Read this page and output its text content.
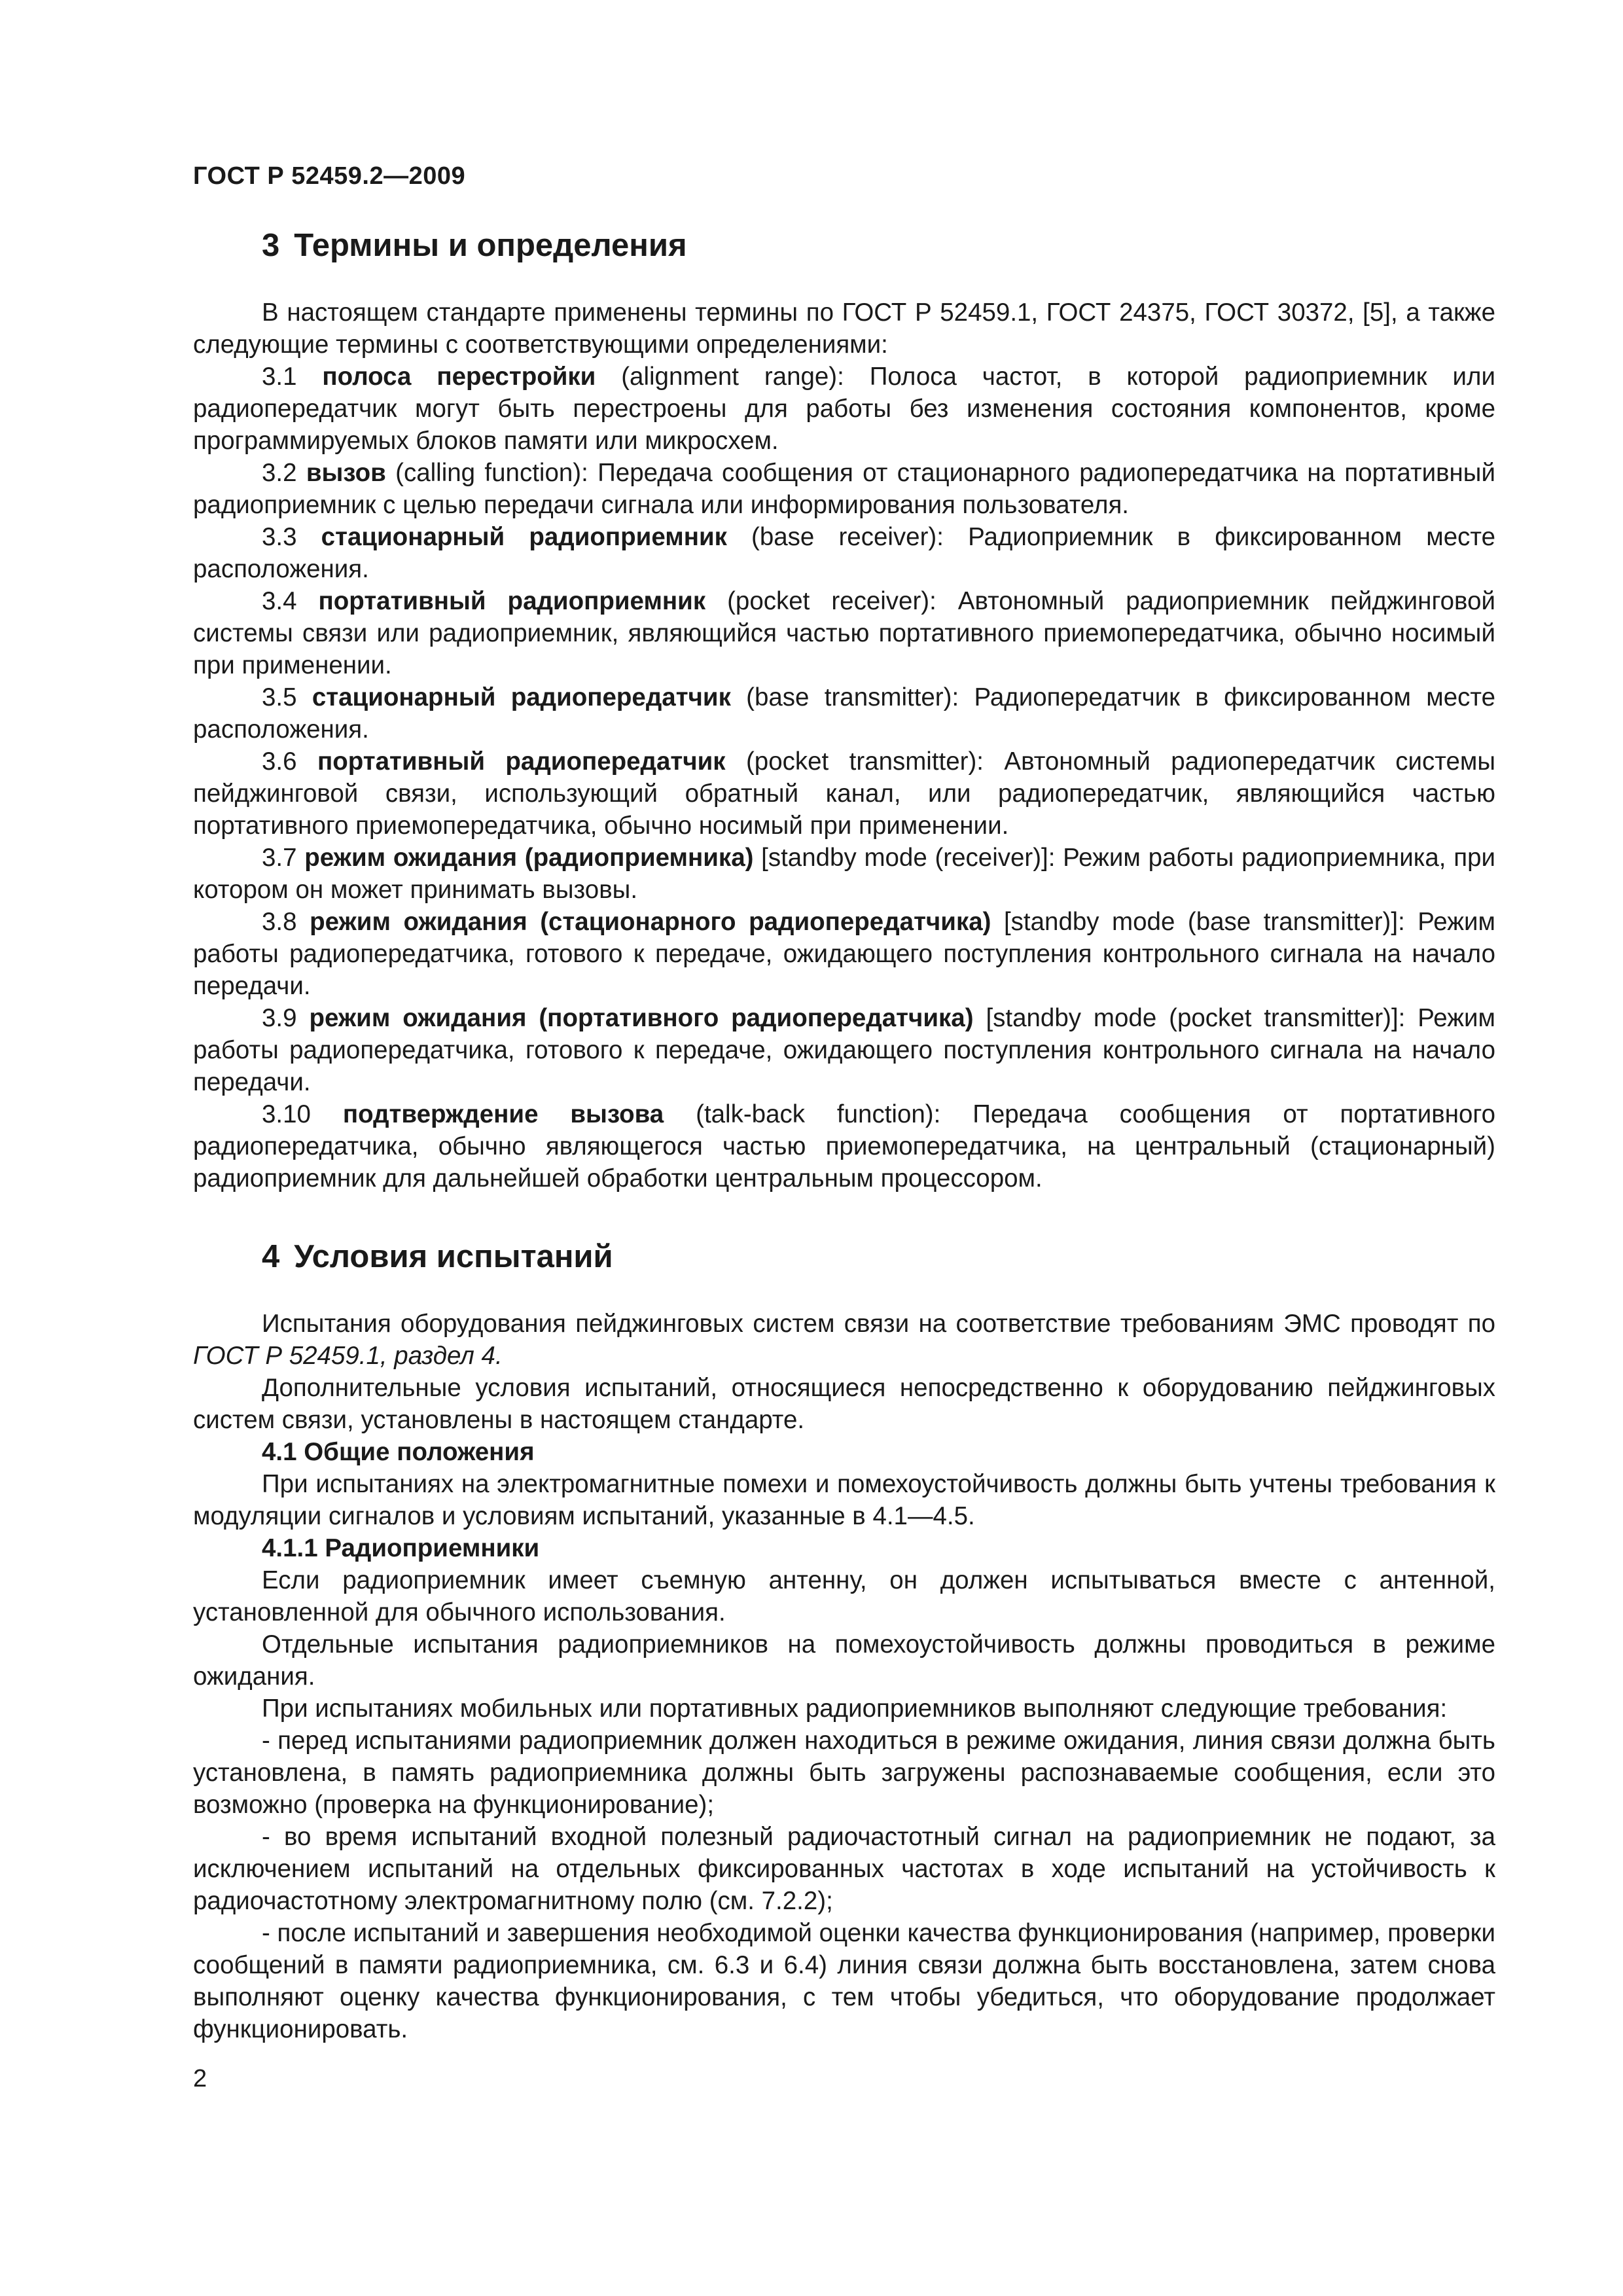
ГОСТ Р 52459.2—2009
3 Термины и определения

В настоящем стандарте применены термины по ГОСТ Р 52459.1, ГОСТ 24375, ГОСТ 30372, [5], а также следующие термины с соответствующими определениями:

3.1 полоса перестройки (alignment range): Полоса частот, в которой радиоприемник или радиопередатчик могут быть перестроены для работы без изменения состояния компонентов, кроме программируемых блоков памяти или микросхем.

3.2 вызов (calling function): Передача сообщения от стационарного радиопередатчика на портативный радиоприемник с целью передачи сигнала или информирования пользователя.

3.3 стационарный радиоприемник (base receiver): Радиоприемник в фиксированном месте расположения.

3.4 портативный радиоприемник (pocket receiver): Автономный радиоприемник пейджинговой системы связи или радиоприемник, являющийся частью портативного приемопередатчика, обычно носимый при применении.

3.5 стационарный радиопередатчик (base transmitter): Радиопередатчик в фиксированном месте расположения.

3.6 портативный радиопередатчик (pocket transmitter): Автономный радиопередатчик системы пейджинговой связи, использующий обратный канал, или радиопередатчик, являющийся частью портативного приемопередатчика, обычно носимый при применении.

3.7 режим ожидания (радиоприемника) [standby mode (receiver)]: Режим работы радиоприемника, при котором он может принимать вызовы.

3.8 режим ожидания (стационарного радиопередатчика) [standby mode (base transmitter)]: Режим работы радиопередатчика, готового к передаче, ожидающего поступления контрольного сигнала на начало передачи.

3.9 режим ожидания (портативного радиопередатчика) [standby mode (pocket transmitter)]: Режим работы радиопередатчика, готового к передаче, ожидающего поступления контрольного сигнала на начало передачи.

3.10 подтверждение вызова (talk-back function): Передача сообщения от портативного радиопередатчика, обычно являющегося частью приемопередатчика, на центральный (стационарный) радиоприемник для дальнейшей обработки центральным процессором.

4 Условия испытаний

Испытания оборудования пейджинговых систем связи на соответствие требованиям ЭМС проводят по ГОСТ Р 52459.1, раздел 4.

Дополнительные условия испытаний, относящиеся непосредственно к оборудованию пейджинговых систем связи, установлены в настоящем стандарте.

4.1 Общие положения

При испытаниях на электромагнитные помехи и помехоустойчивость должны быть учтены требования к модуляции сигналов и условиям испытаний, указанные в 4.1—4.5.

4.1.1 Радиоприемники

Если радиоприемник имеет съемную антенну, он должен испытываться вместе с антенной, установленной для обычного использования.

Отдельные испытания радиоприемников на помехоустойчивость должны проводиться в режиме ожидания.

При испытаниях мобильных или портативных радиоприемников выполняют следующие требования:

- перед испытаниями радиоприемник должен находиться в режиме ожидания, линия связи должна быть установлена, в память радиоприемника должны быть загружены распознаваемые сообщения, если это возможно (проверка на функционирование);

- во время испытаний входной полезный радиочастотный сигнал на радиоприемник не подают, за исключением испытаний на отдельных фиксированных частотах в ходе испытаний на устойчивость к радиочастотному электромагнитному полю (см. 7.2.2);

- после испытаний и завершения необходимой оценки качества функционирования (например, проверки сообщений в памяти радиоприемника, см. 6.3 и 6.4) линия связи должна быть восстановлена, затем снова выполняют оценку качества функционирования, с тем чтобы убедиться, что оборудование продолжает функционировать.

2
